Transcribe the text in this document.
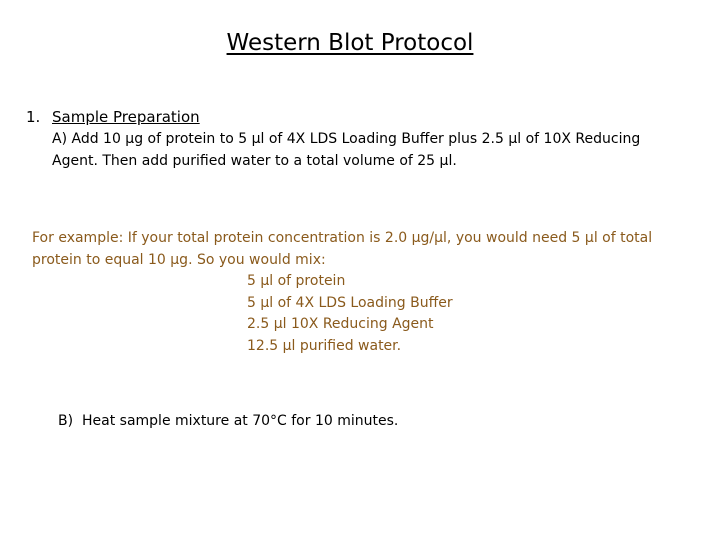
Western Blot Protocol
1. Sample Preparation
A) Add 10 µg of protein to 5 µl of 4X LDS Loading Buffer plus 2.5 µl of 10X Reducing Agent. Then add purified water to a total volume of 25 µl.
For example: If your total protein concentration is 2.0 µg/µl, you would need 5 µl of total protein to equal 10 µg. So you would mix:
5 µl of protein
5 µl of 4X LDS Loading Buffer
2.5 µl 10X Reducing Agent
12.5 µl purified water.
B) Heat sample mixture at 70°C for 10 minutes.
